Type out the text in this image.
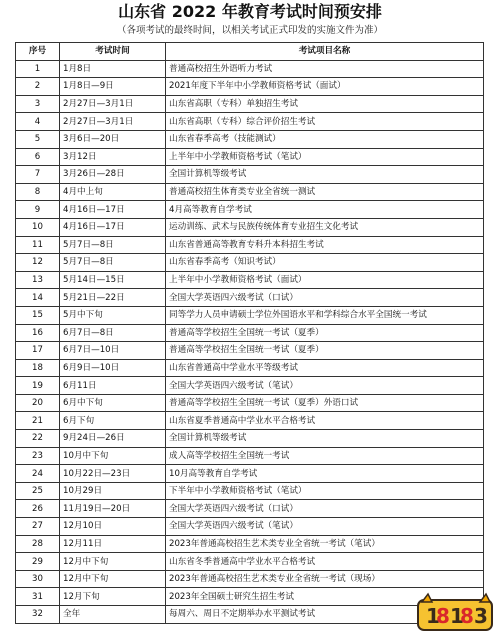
山东省 2022 年教育考试时间预安排
（各项考试的最终时间，以相关考试正式印发的实施文件为准）
序号	考试时间	考试项目名称
1	1月8日	普通高校招生外语听力考试
2	1月8日—9日	2021年度下半年中小学教师资格考试（面试）
3	2月27日—3月1日	山东省高职（专科）单独招生考试
4	2月27日—3月1日	山东省高职（专科）综合评价招生考试
5	3月6日—20日	山东省春季高考（技能测试）
6	3月12日	上半年中小学教师资格考试（笔试）
7	3月26日—28日	全国计算机等级考试
8	4月中上旬	普通高校招生体育类专业全省统一测试
9	4月16日—17日	4月高等教育自学考试
10	4月16日—17日	运动训练、武术与民族传统体育专业招生文化考试
11	5月7日—8日	山东省普通高等教育专科升本科招生考试
12	5月7日—8日	山东省春季高考（知识考试）
13	5月14日—15日	上半年中小学教师资格考试（面试）
14	5月21日—22日	全国大学英语四六级考试（口试）
15	5月中下旬	同等学力人员申请硕士学位外国语水平和学科综合水平全国统一考试
16	6月7日—8日	普通高等学校招生全国统一考试（夏季）
17	6月7日—10日	普通高等学校招生全国统一考试（夏季）
18	6月9日—10日	山东省普通高中学业水平等级考试
19	6月11日	全国大学英语四六级考试（笔试）
20	6月中下旬	普通高等学校招生全国统一考试（夏季）外语口试
21	6月下旬	山东省夏季普通高中学业水平合格考试
22	9月24日—26日	全国计算机等级考试
23	10月中下旬	成人高等学校招生全国统一考试
24	10月22日—23日	10月高等教育自学考试
25	10月29日	下半年中小学教师资格考试（笔试）
26	11月19日—20日	全国大学英语四六级考试（口试）
27	12月10日	全国大学英语四六级考试（笔试）
28	12月11日	2023年普通高校招生艺术类专业全省统一考试（笔试）
29	12月中下旬	山东省冬季普通高中学业水平合格考试
30	12月中下旬	2023年普通高校招生艺术类专业全省统一考试（现场）
31	12月下旬	2023年全国硕士研究生招生考试
32	全年	每周六、周日不定期举办水平测试考试	1
8 1
8 3
